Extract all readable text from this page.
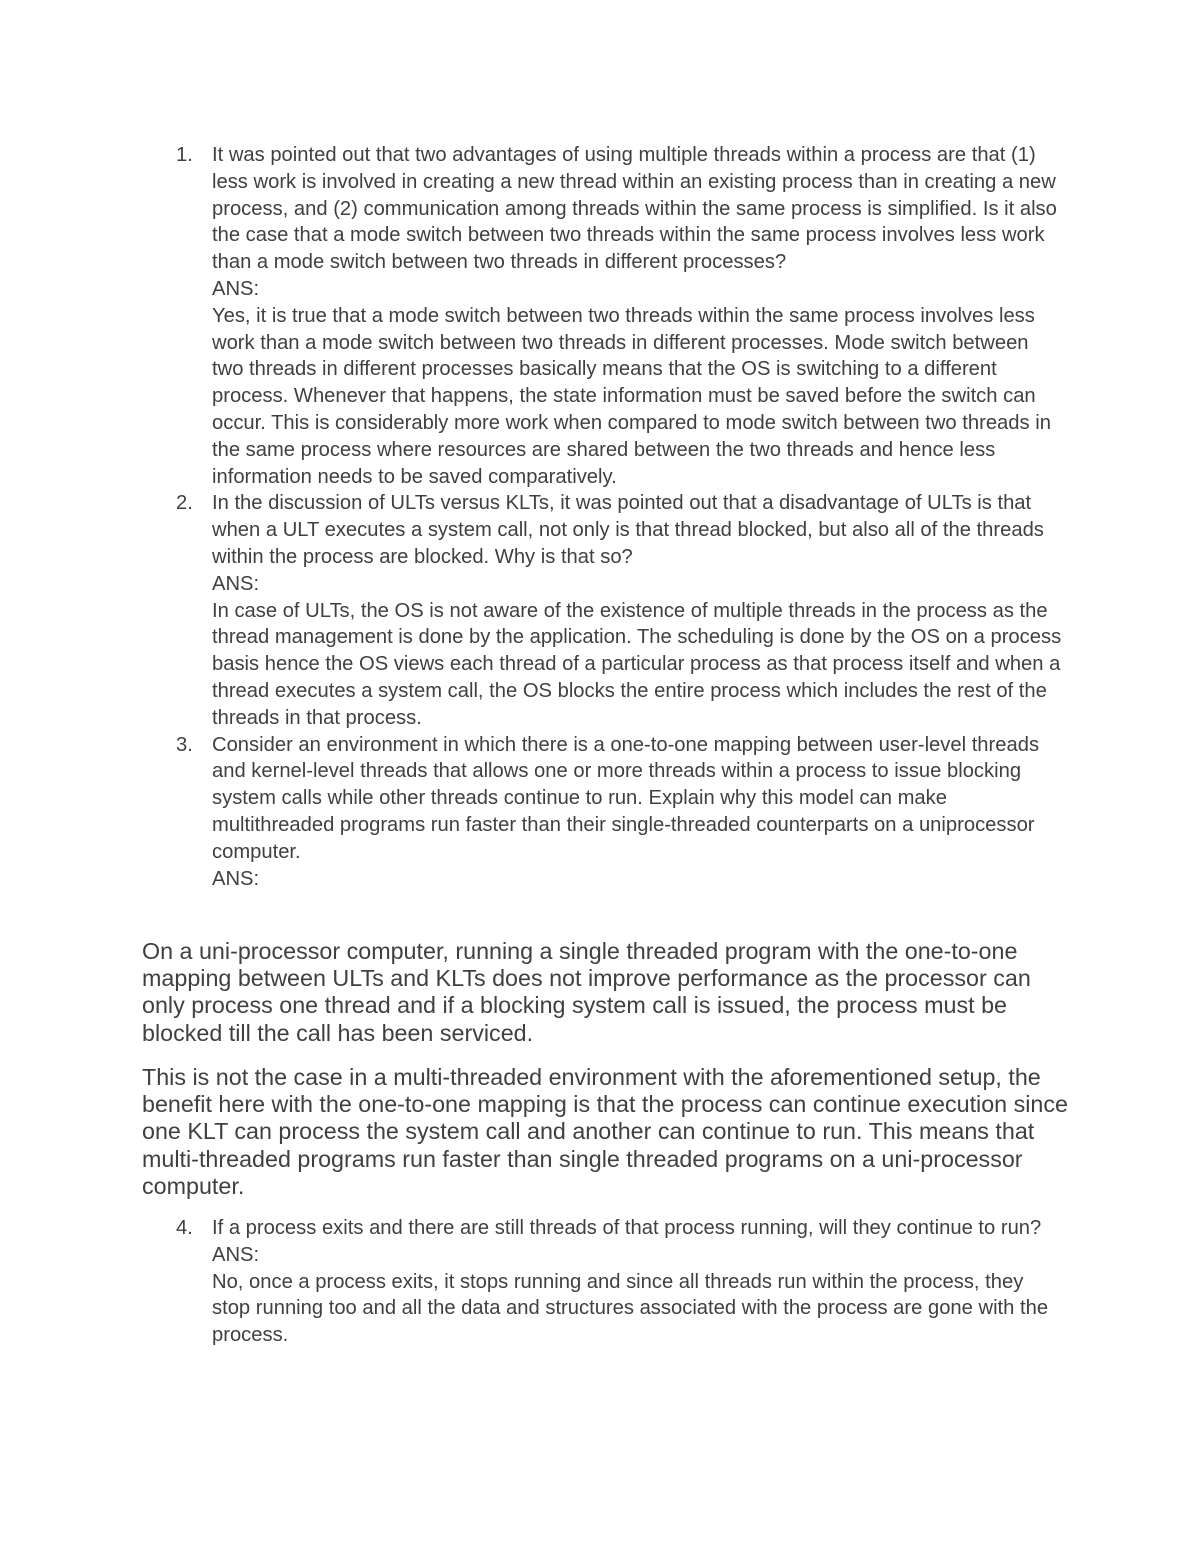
1. It was pointed out that two advantages of using multiple threads within a process are that (1) less work is involved in creating a new thread within an existing process than in creating a new process, and (2) communication among threads within the same process is simplified. Is it also the case that a mode switch between two threads within the same process involves less work than a mode switch between two threads in different processes?

ANS:

Yes, it is true that a mode switch between two threads within the same process involves less work than a mode switch between two threads in different processes. Mode switch between two threads in different processes basically means that the OS is switching to a different process. Whenever that happens, the state information must be saved before the switch can occur. This is considerably more work when compared to mode switch between two threads in the same process where resources are shared between the two threads and hence less information needs to be saved comparatively.

2. In the discussion of ULTs versus KLTs, it was pointed out that a disadvantage of ULTs is that when a ULT executes a system call, not only is that thread blocked, but also all of the threads within the process are blocked. Why is that so?

ANS:

In case of ULTs, the OS is not aware of the existence of multiple threads in the process as the thread management is done by the application. The scheduling is done by the OS on a process basis hence the OS views each thread of a particular process as that process itself and when a thread executes a system call, the OS blocks the entire process which includes the rest of the threads in that process.

3. Consider an environment in which there is a one-to-one mapping between user-level threads and kernel-level threads that allows one or more threads within a process to issue blocking system calls while other threads continue to run. Explain why this model can make multithreaded programs run faster than their single-threaded counterparts on a uniprocessor computer.

ANS:

On a uni-processor computer, running a single threaded program with the one-to-one mapping between ULTs and KLTs does not improve performance as the processor can only process one thread and if a blocking system call is issued, the process must be blocked till the call has been serviced.

This is not the case in a multi-threaded environment with the aforementioned setup, the benefit here with the one-to-one mapping is that the process can continue execution since one KLT can process the system call and another can continue to run. This means that multi-threaded programs run faster than single threaded programs on a uni-processor computer.

4. If a process exits and there are still threads of that process running, will they continue to run?

ANS:

No, once a process exits, it stops running and since all threads run within the process, they stop running too and all the data and structures associated with the process are gone with the process.
